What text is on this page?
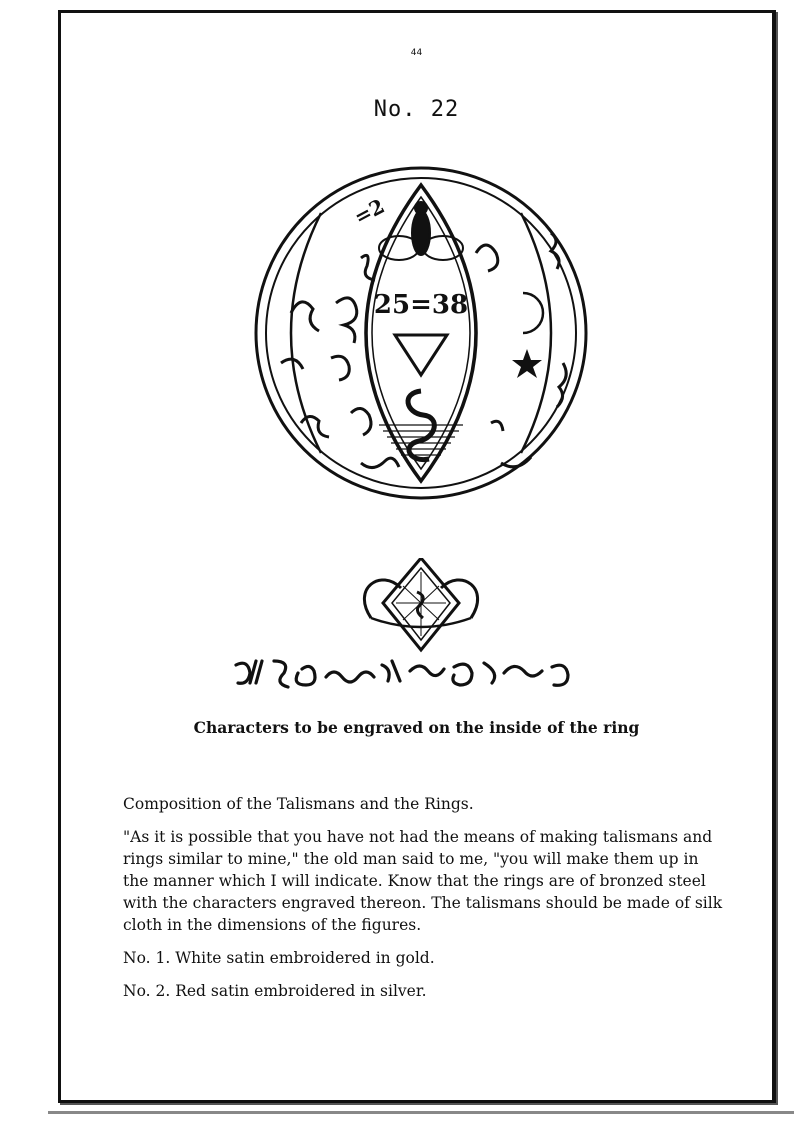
44
No. 22
25=38
=2
Characters to be engraved on the inside of the ring

Composition of the Talismans and the Rings.

"As it is possible that you have not had the means of making talismans and rings similar to mine," the old man said to me, "you will make them up in the manner which I will indicate. Know that the rings are of bronzed steel with the characters engraved thereon. The talismans should be made of silk cloth in the dimensions of the figures.

No. 1. White satin embroidered in gold.

No. 2. Red satin embroidered in silver.
